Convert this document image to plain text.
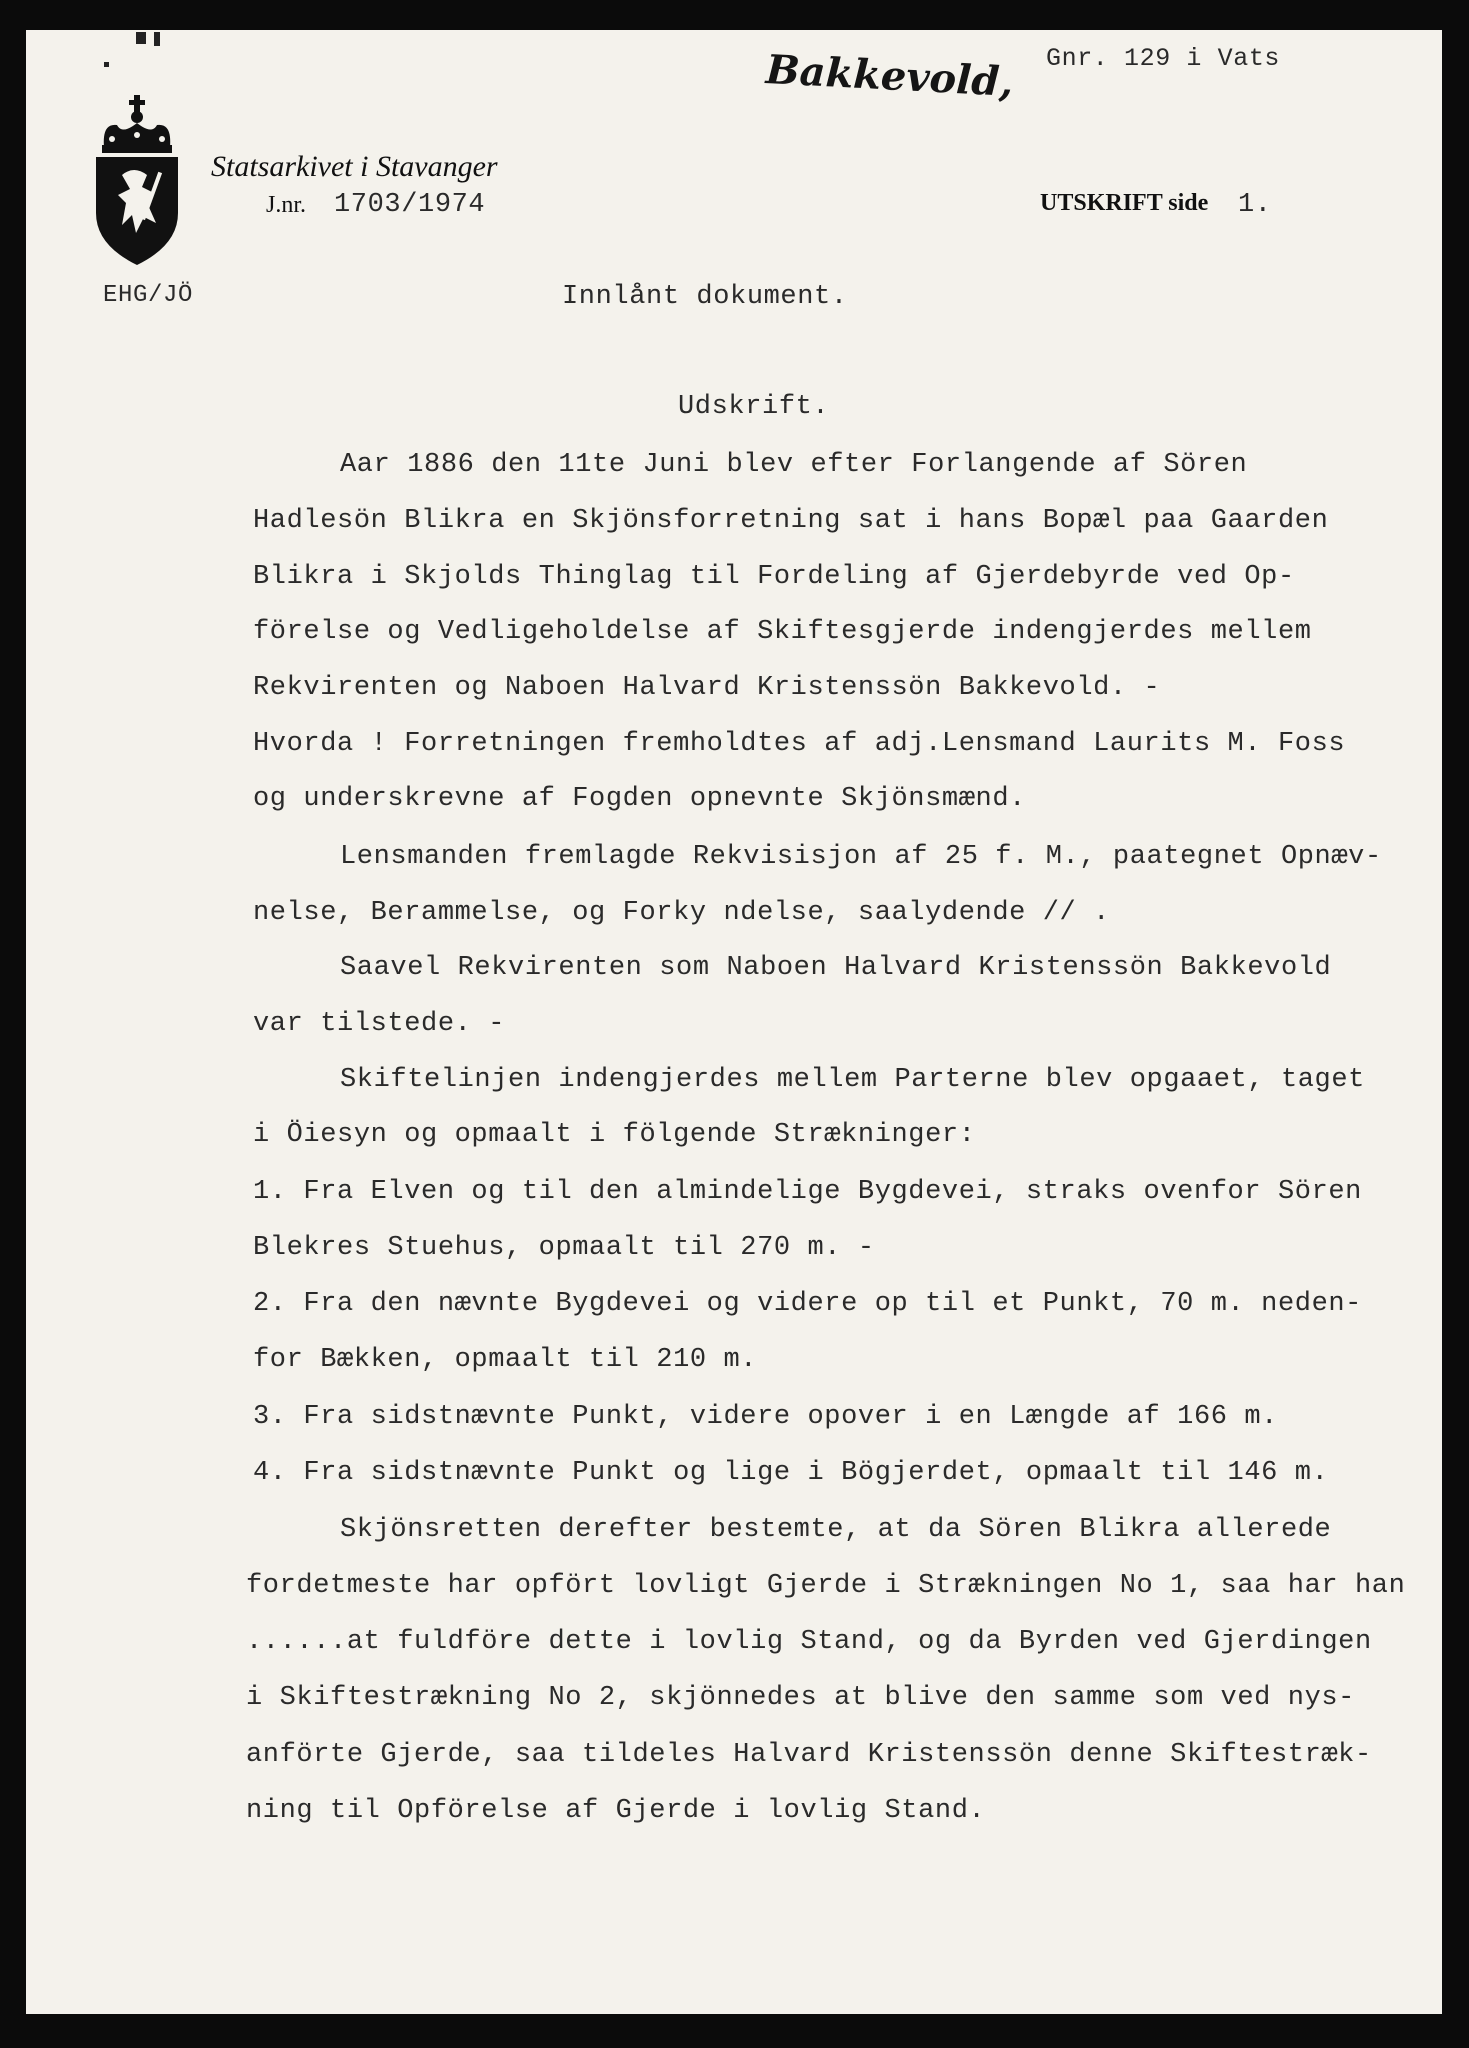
Bakkevold, Gnr. 129 i Vats
Statsarkivet i Stavanger
J.nr. 1703/1974	UTSKRIFT side 1.
EHG/JÖ	Innlånt dokument.
Udskrift.
Aar 1886 den 11te Juni blev efter Forlangende af Sören
Hadlesön Blikra en Skjönsforretning sat i hans Bopæl paa Gaarden
Blikra i Skjolds Thinglag til Fordeling af Gjerdebyrde ved Op-
förelse og Vedligeholdelse af Skiftesgjerde indengjerdes mellem
Rekvirenten og Naboen Halvard Kristenssön Bakkevold. -
Hvorda ! Forretningen fremholdtes af adj.Lensmand Laurits M. Foss
og underskrevne af Fogden opnevnte Skjönsmænd.
Lensmanden fremlagde Rekvisisjon af 25 f. M., paategnet Opnæv-
nelse, Berammelse, og Forky ndelse, saalydende // .
Saavel Rekvirenten som Naboen Halvard Kristenssön Bakkevold
var tilstede. -
Skiftelinjen indengjerdes mellem Parterne blev opgaaet, taget
i Öiesyn og opmaalt i fölgende Strækninger:
1. Fra Elven og til den almindelige Bygdevei, straks ovenfor Sören
Blekres Stuehus, opmaalt til 270 m. -
2. Fra den nævnte Bygdevei og videre op til et Punkt, 70 m. neden-
for Bækken, opmaalt til 210 m.
3. Fra sidstnævnte Punkt, videre opover i en Længde af 166 m.
4. Fra sidstnævnte Punkt og lige i Bögjerdet, opmaalt til 146 m.
Skjönsretten derefter bestemte, at da Sören Blikra allerede
fordetmeste har opfört lovligt Gjerde i Strækningen No 1, saa har han
......at fuldföre dette i lovlig Stand, og da Byrden ved Gjerdingen
i Skiftestrækning No 2, skjönnedes at blive den samme som ved nys-
anförte Gjerde, saa tildeles Halvard Kristenssön denne Skiftestræk-
ning til Opförelse af Gjerde i lovlig Stand.
